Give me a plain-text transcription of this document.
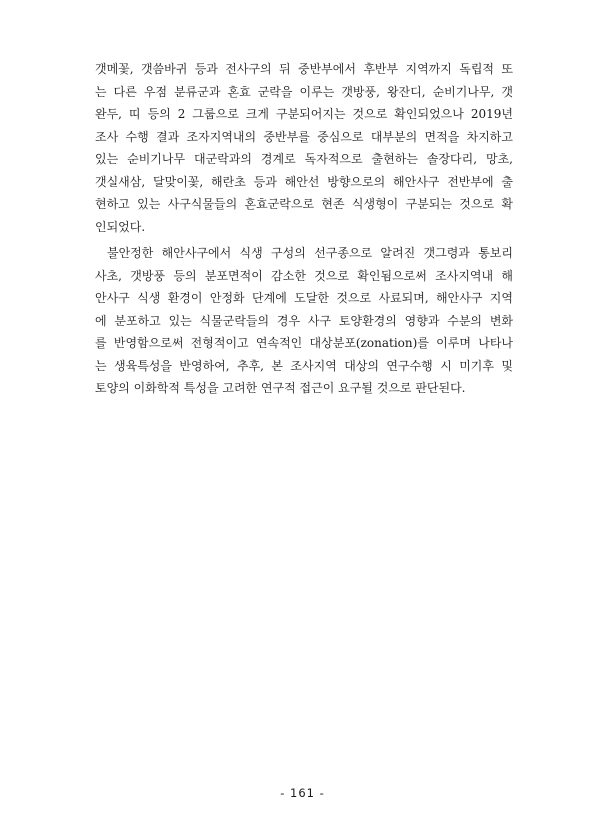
갯메꽃, 갯씀바귀 등과 전사구의 뒤 중반부에서 후반부 지역까지 독립적 또
는 다른 우점 분류군과 혼효 군락을 이루는 갯방풍, 왕잔디, 순비기나무, 갯
완두, 띠 등의 2 그룹으로 크게 구분되어지는 것으로 확인되었으나 2019년
조사 수행 결과 조자지역내의 중반부를 중심으로 대부분의 면적을 차지하고
있는 순비기나무 대군락과의 경계로 독자적으로 출현하는 솔장다리, 망초,
갯실새삼, 달맞이꽃, 해란초 등과 해안선 방향으로의 해안사구 전반부에 출
현하고 있는 사구식물들의 혼효군락으로 현존 식생형이 구분되는 것으로 확
인되었다.

불안정한 해안사구에서 식생 구성의 선구종으로 알려진 갯그령과 통보리
사초, 갯방풍 등의 분포면적이 감소한 것으로 확인됨으로써 조사지역내 해
안사구 식생 환경이 안정화 단계에 도달한 것으로 사료되며, 해안사구 지역
에 분포하고 있는 식물군락들의 경우 사구 토양환경의 영향과 수분의 변화
를 반영함으로써 전형적이고 연속적인 대상분포(zonation)를 이루며 나타나
는 생육특성을 반영하여, 추후, 본 조사지역 대상의 연구수행 시 미기후 및
토양의 이화학적 특성을 고려한 연구적 접근이 요구될 것으로 판단된다.

- 161 -
